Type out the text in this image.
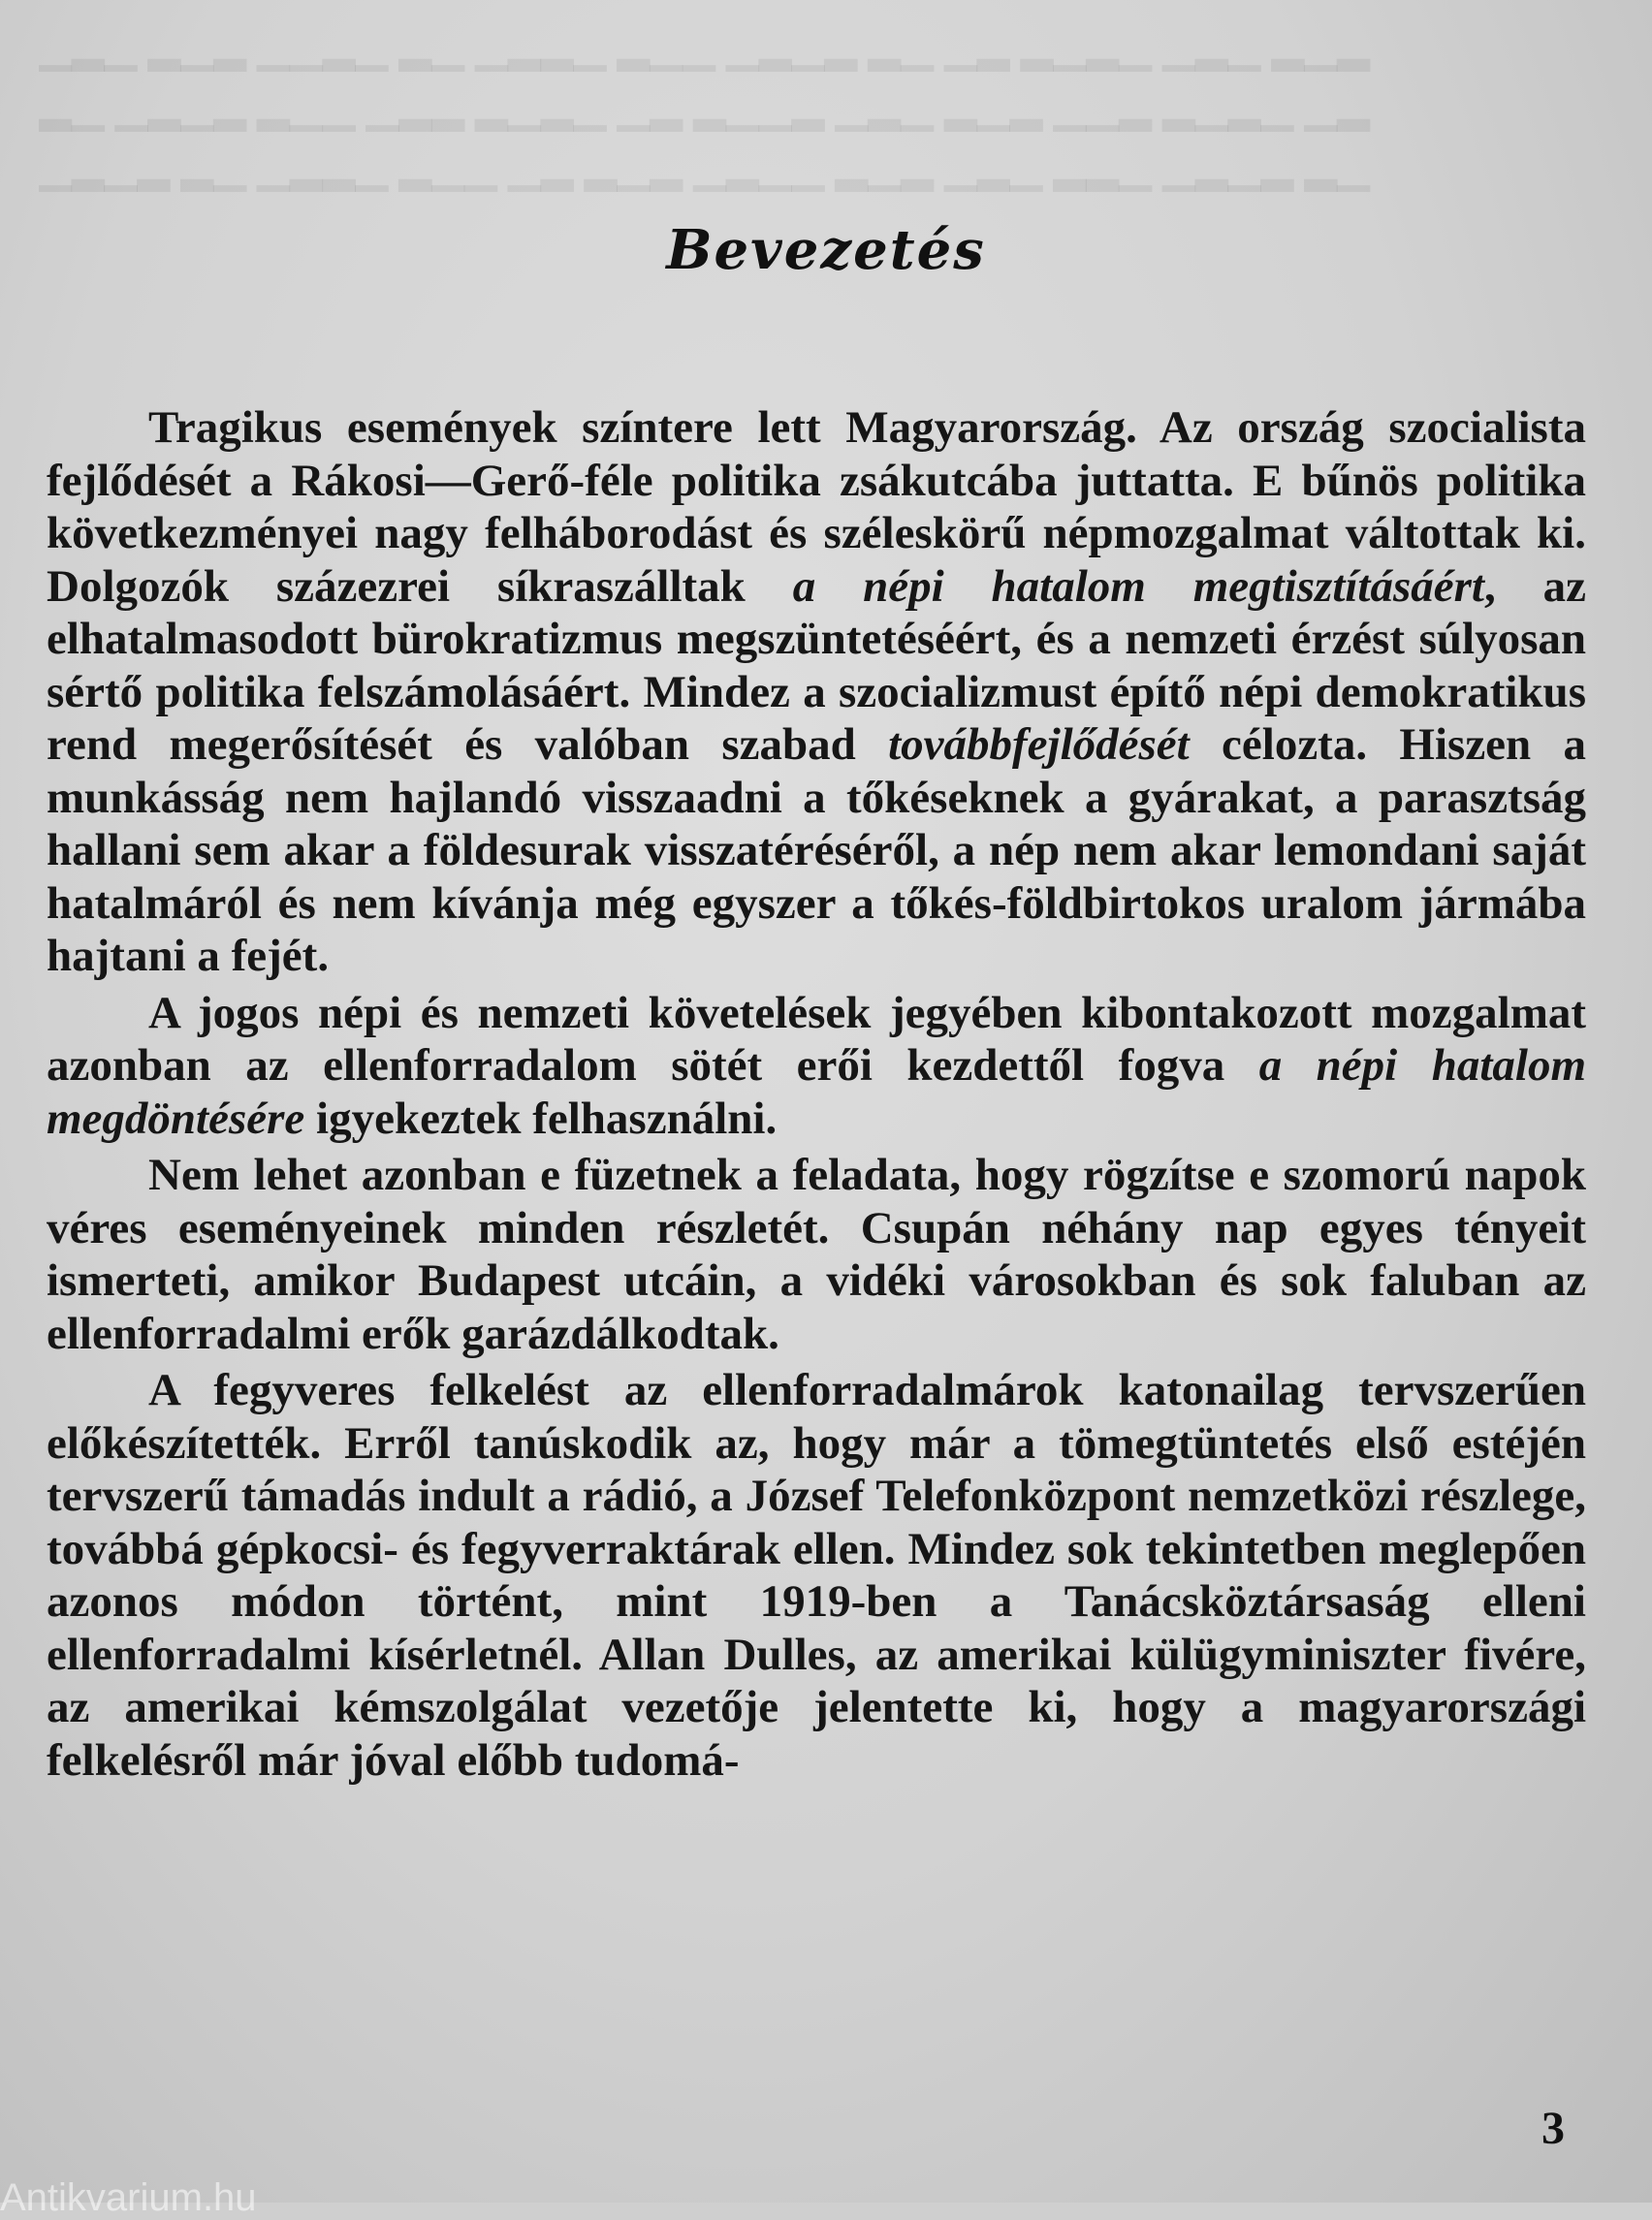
▁▂▁ ▂▁▂ ▁▁▂▁ ▂▁ ▁▂▂▁ ▂▁▁ ▁▂▁▂ ▂▁ ▁▂ ▂▁▂▁ ▁▂▁ ▂▁▂
▂▁ ▁▂▁▂ ▂▁▁ ▁▂▂ ▂▁▂▁ ▁▂ ▂▁▁▂ ▁▂▁ ▂▁▂ ▁▁▂ ▂▁▂▁ ▁▂
▁▂▁▂ ▂▁ ▁▂▂▁ ▂▁▁ ▁▂ ▂▁▂ ▁▂▁▁ ▂▁▂ ▁▂▁ ▂▂▁ ▁▂▁▂ ▂▁
Bevezetés

Tragikus események színtere lett Magyarország. Az ország szocialista fejlődését a Rákosi—Gerő-féle politika zsákutcába juttatta. E bűnös politika következményei nagy felháborodást és széleskörű népmozgalmat váltottak ki. Dolgozók százezrei síkraszálltak a népi hatalom megtisztításáért, az elhatalmasodott bürokratizmus megszüntetéséért, és a nemzeti érzést súlyosan sértő politika felszámolásáért. Mindez a szocializmust építő népi demokratikus rend megerősítését és valóban szabad továbbfejlődését célozta. Hiszen a munkásság nem hajlandó visszaadni a tőkéseknek a gyárakat, a parasztság hallani sem akar a földesurak visszatéréséről, a nép nem akar lemondani saját hatalmáról és nem kívánja még egyszer a tőkés-földbirtokos uralom jármába hajtani a fejét.

A jogos népi és nemzeti követelések jegyében kibontakozott mozgalmat azonban az ellenforradalom sötét erői kezdettől fogva a népi hatalom megdöntésére igyekeztek felhasználni.

Nem lehet azonban e füzetnek a feladata, hogy rögzítse e szomorú napok véres eseményeinek minden részletét. Csupán néhány nap egyes tényeit ismerteti, amikor Budapest utcáin, a vidéki városokban és sok faluban az ellenforradalmi erők garázdálkodtak.

A fegyveres felkelést az ellenforradalmárok katonailag tervszerűen előkészítették. Erről tanúskodik az, hogy már a tömegtüntetés első estéjén tervszerű támadás indult a rádió, a József Telefonközpont nemzetközi részlege, továbbá gépkocsi- és fegyverraktárak ellen. Mindez sok tekintetben meglepően azonos módon történt, mint 1919-ben a Tanácsköztársaság elleni ellenforradalmi kísérletnél. Allan Dulles, az amerikai külügyminiszter fivére, az amerikai kémszolgálat vezetője jelentette ki, hogy a magyarországi felkelésről már jóval előbb tudomá-

3
Antikvarium.hu
